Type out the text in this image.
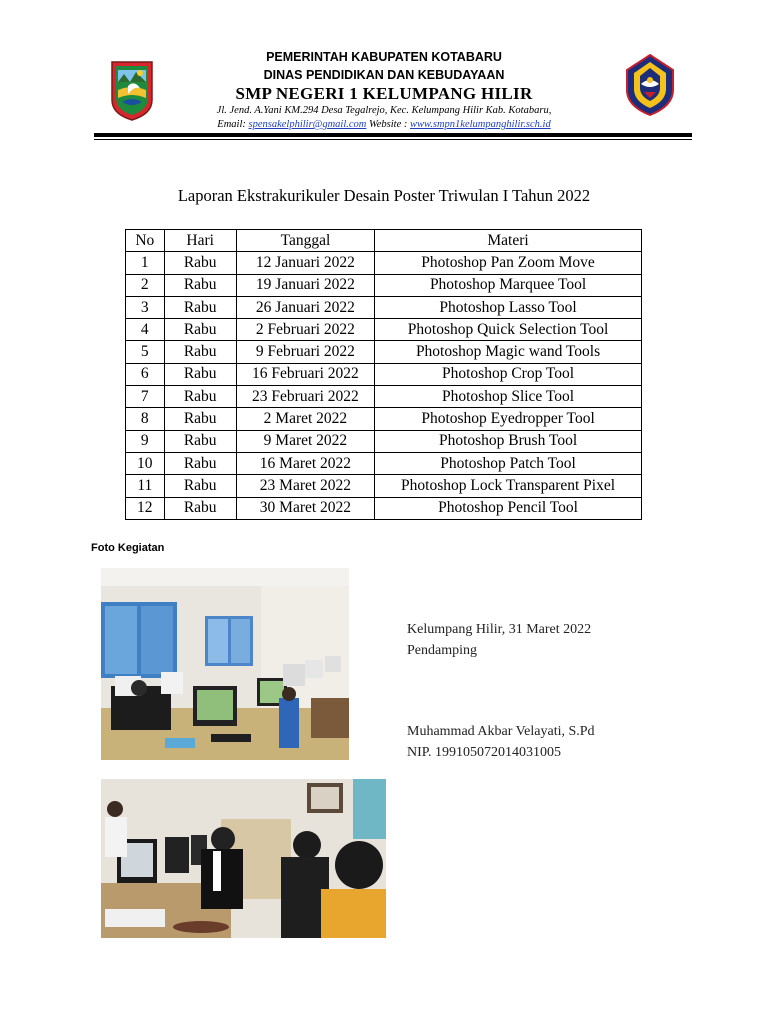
PEMERINTAH KABUPATEN KOTABARU
DINAS PENDIDIKAN DAN KEBUDAYAAN
SMP NEGERI 1 KELUMPANG HILIR
Jl. Jend. A.Yani KM.294 Desa Tegalrejo, Kec. Kelumpang Hilir Kab. Kotabaru,
Email: spensakelphilir@gmail.com Website : www.smpn1kelumpanghilir.sch.id
Laporan Ekstrakurikuler Desain Poster Triwulan I Tahun 2022
No	Hari	Tanggal	Materi
1	Rabu	12 Januari 2022	Photoshop Pan Zoom Move
2	Rabu	19 Januari 2022	Photoshop Marquee Tool
3	Rabu	26 Januari 2022	Photoshop Lasso Tool
4	Rabu	2 Februari 2022	Photoshop Quick Selection Tool
5	Rabu	9 Februari 2022	Photoshop Magic wand Tools
6	Rabu	16 Februari 2022	Photoshop Crop Tool
7	Rabu	23 Februari 2022	Photoshop Slice Tool
8	Rabu	2 Maret 2022	Photoshop Eyedropper Tool
9	Rabu	9 Maret 2022	Photoshop Brush Tool
10	Rabu	16 Maret 2022	Photoshop Patch Tool
11	Rabu	23 Maret 2022	Photoshop Lock Transparent Pixel
12	Rabu	30 Maret 2022	Photoshop Pencil Tool
Foto Kegiatan
Kelumpang Hilir, 31 Maret 2022
Pendamping
Muhammad Akbar Velayati, S.Pd
NIP. 199105072014031005
